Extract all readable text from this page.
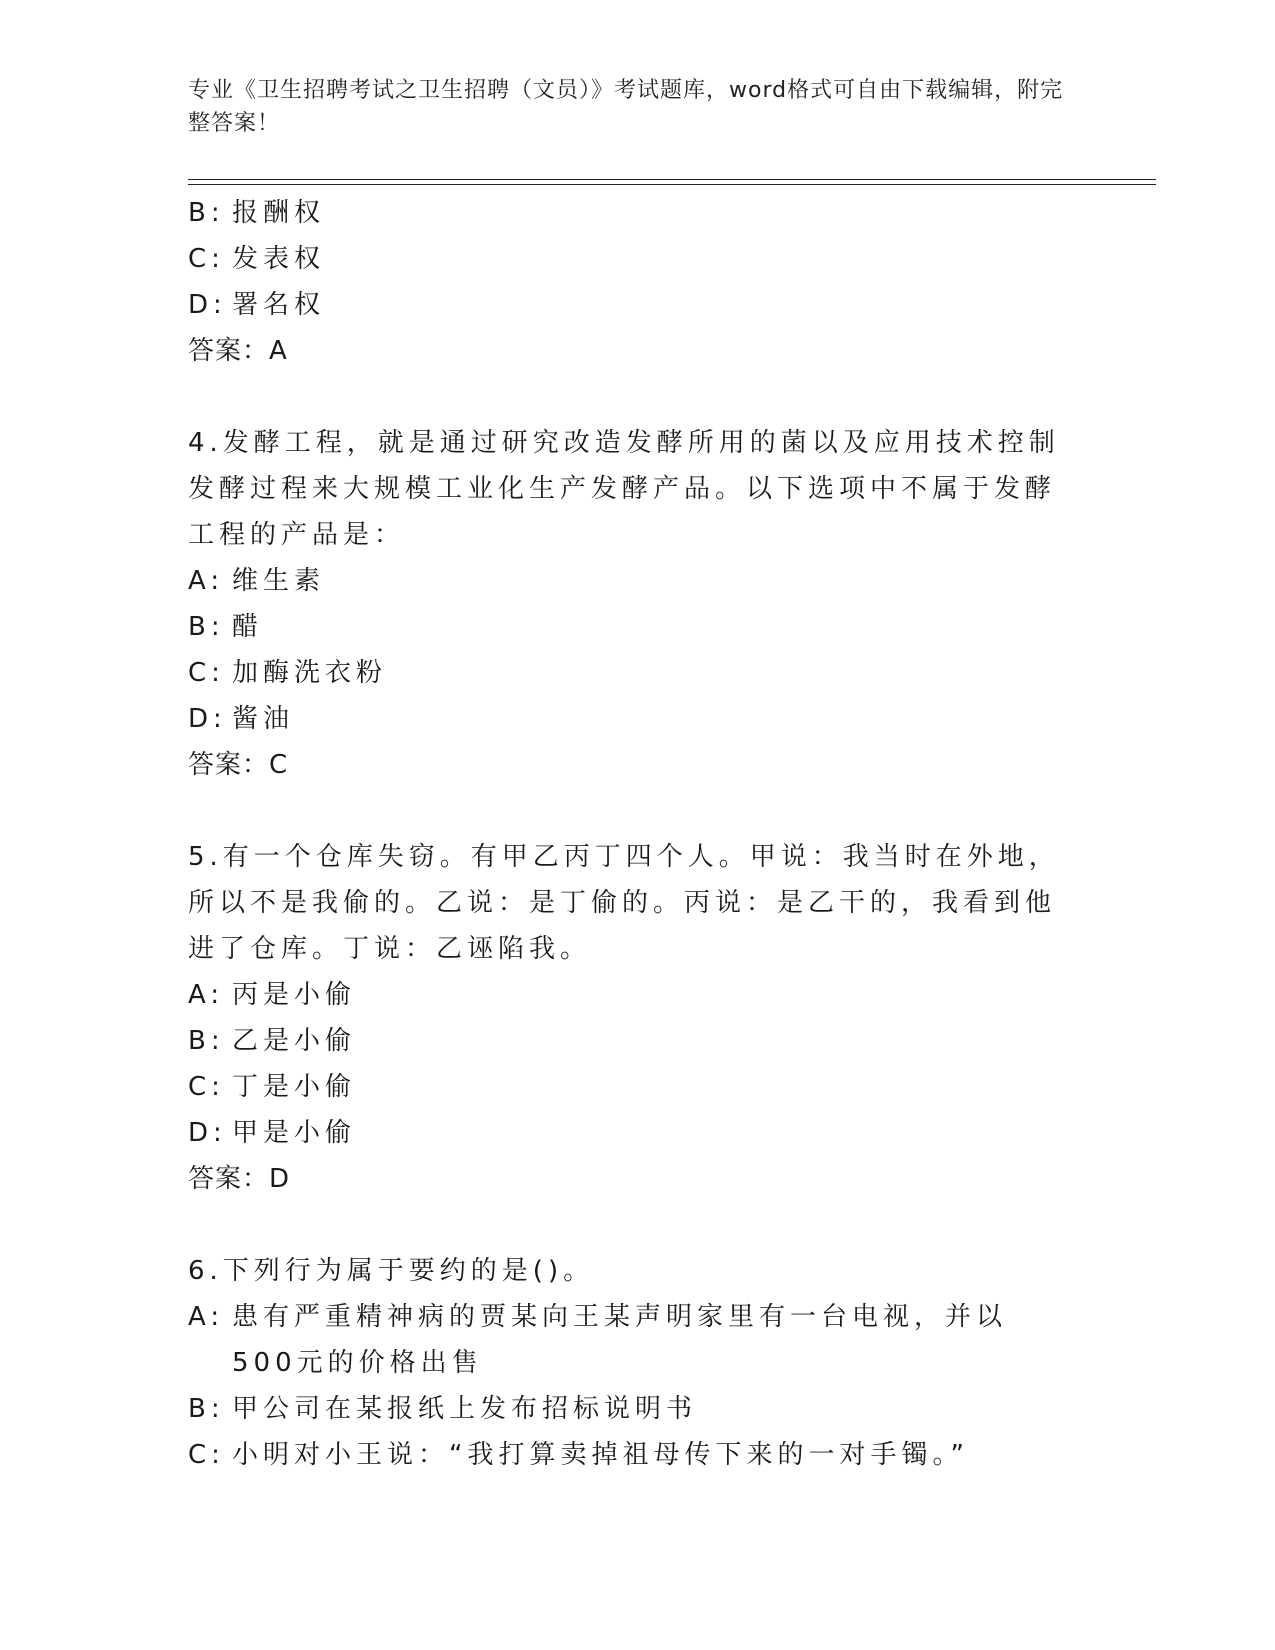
专业《卫生招聘考试之卫生招聘（文员）》考试题库，word格式可自由下载编辑，附完整答案！
B: 报酬权
C: 发表权
D: 署名权
答案：A
4.发酵工程，就是通过研究改造发酵所用的菌以及应用技术控制发酵过程来大规模工业化生产发酵产品。以下选项中不属于发酵工程的产品是：
A: 维生素
B: 醋
C: 加酶洗衣粉
D: 酱油
答案：C
5.有一个仓库失窃。有甲乙丙丁四个人。甲说：我当时在外地，所以不是我偷的。乙说：是丁偷的。丙说：是乙干的，我看到他进了仓库。丁说：乙诬陷我。
A: 丙是小偷
B: 乙是小偷
C: 丁是小偷
D: 甲是小偷
答案：D
6.下列行为属于要约的是()。
A: 患有严重精神病的贾某向王某声明家里有一台电视，并以500元的价格出售
B: 甲公司在某报纸上发布招标说明书
C: 小明对小王说：“我打算卖掉祖母传下来的一对手镯。”
